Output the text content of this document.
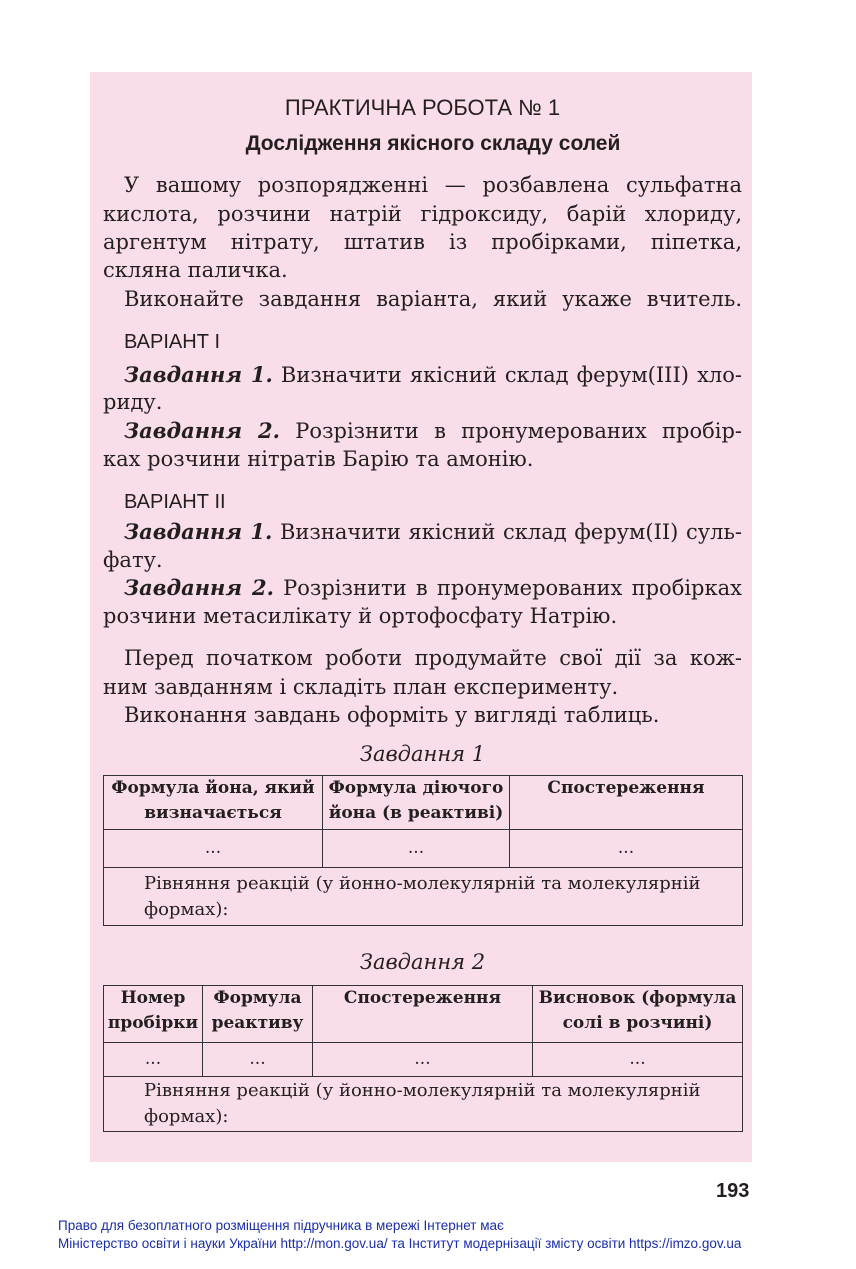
ПРАКТИЧНА РОБОТА № 1
Дослідження якісного складу солей
У вашому розпорядженні — розбавлена сульфатна
кислота, розчини натрій гідроксиду, барій хлориду,
аргентум нітрату, штатив із пробірками, піпетка,
скляна паличка.
Виконайте завдання варіанта, який укаже вчитель.
ВАРІАНТ І
Завдання 1. Визначити якісний склад ферум(ІІІ) хло-
риду.
Завдання 2. Розрізнити в пронумерованих пробір-
ках розчини нітратів Барію та амонію.
ВАРІАНТ ІІ
Завдання 1. Визначити якісний склад ферум(ІІ) суль-
фату.
Завдання 2. Розрізнити в пронумерованих пробірках
розчини метасилікату й ортофосфату Натрію.
Перед початком роботи продумайте свої дії за кож-
ним завданням і складіть план експерименту.
Виконання завдань оформіть у вигляді таблиць.
Завдання 1
Формула йона, який визначається	Формула діючого йона (в реактиві)	Спостереження
...	...	...
Рівняння реакцій (у йонно-молекулярній та молекулярній формах):		
Завдання 2
Номер пробірки	Формула реактиву	Спостереження	Висновок (формула солі в розчині)
...	...	...	...
Рівняння реакцій (у йонно-молекулярній та молекулярній формах):			
193
Право для безоплатного розміщення підручника в мережі Інтернет має
Міністерство освіти і науки України http://mon.gov.ua/ та Інститут модернізації змісту освіти https://imzo.gov.ua
